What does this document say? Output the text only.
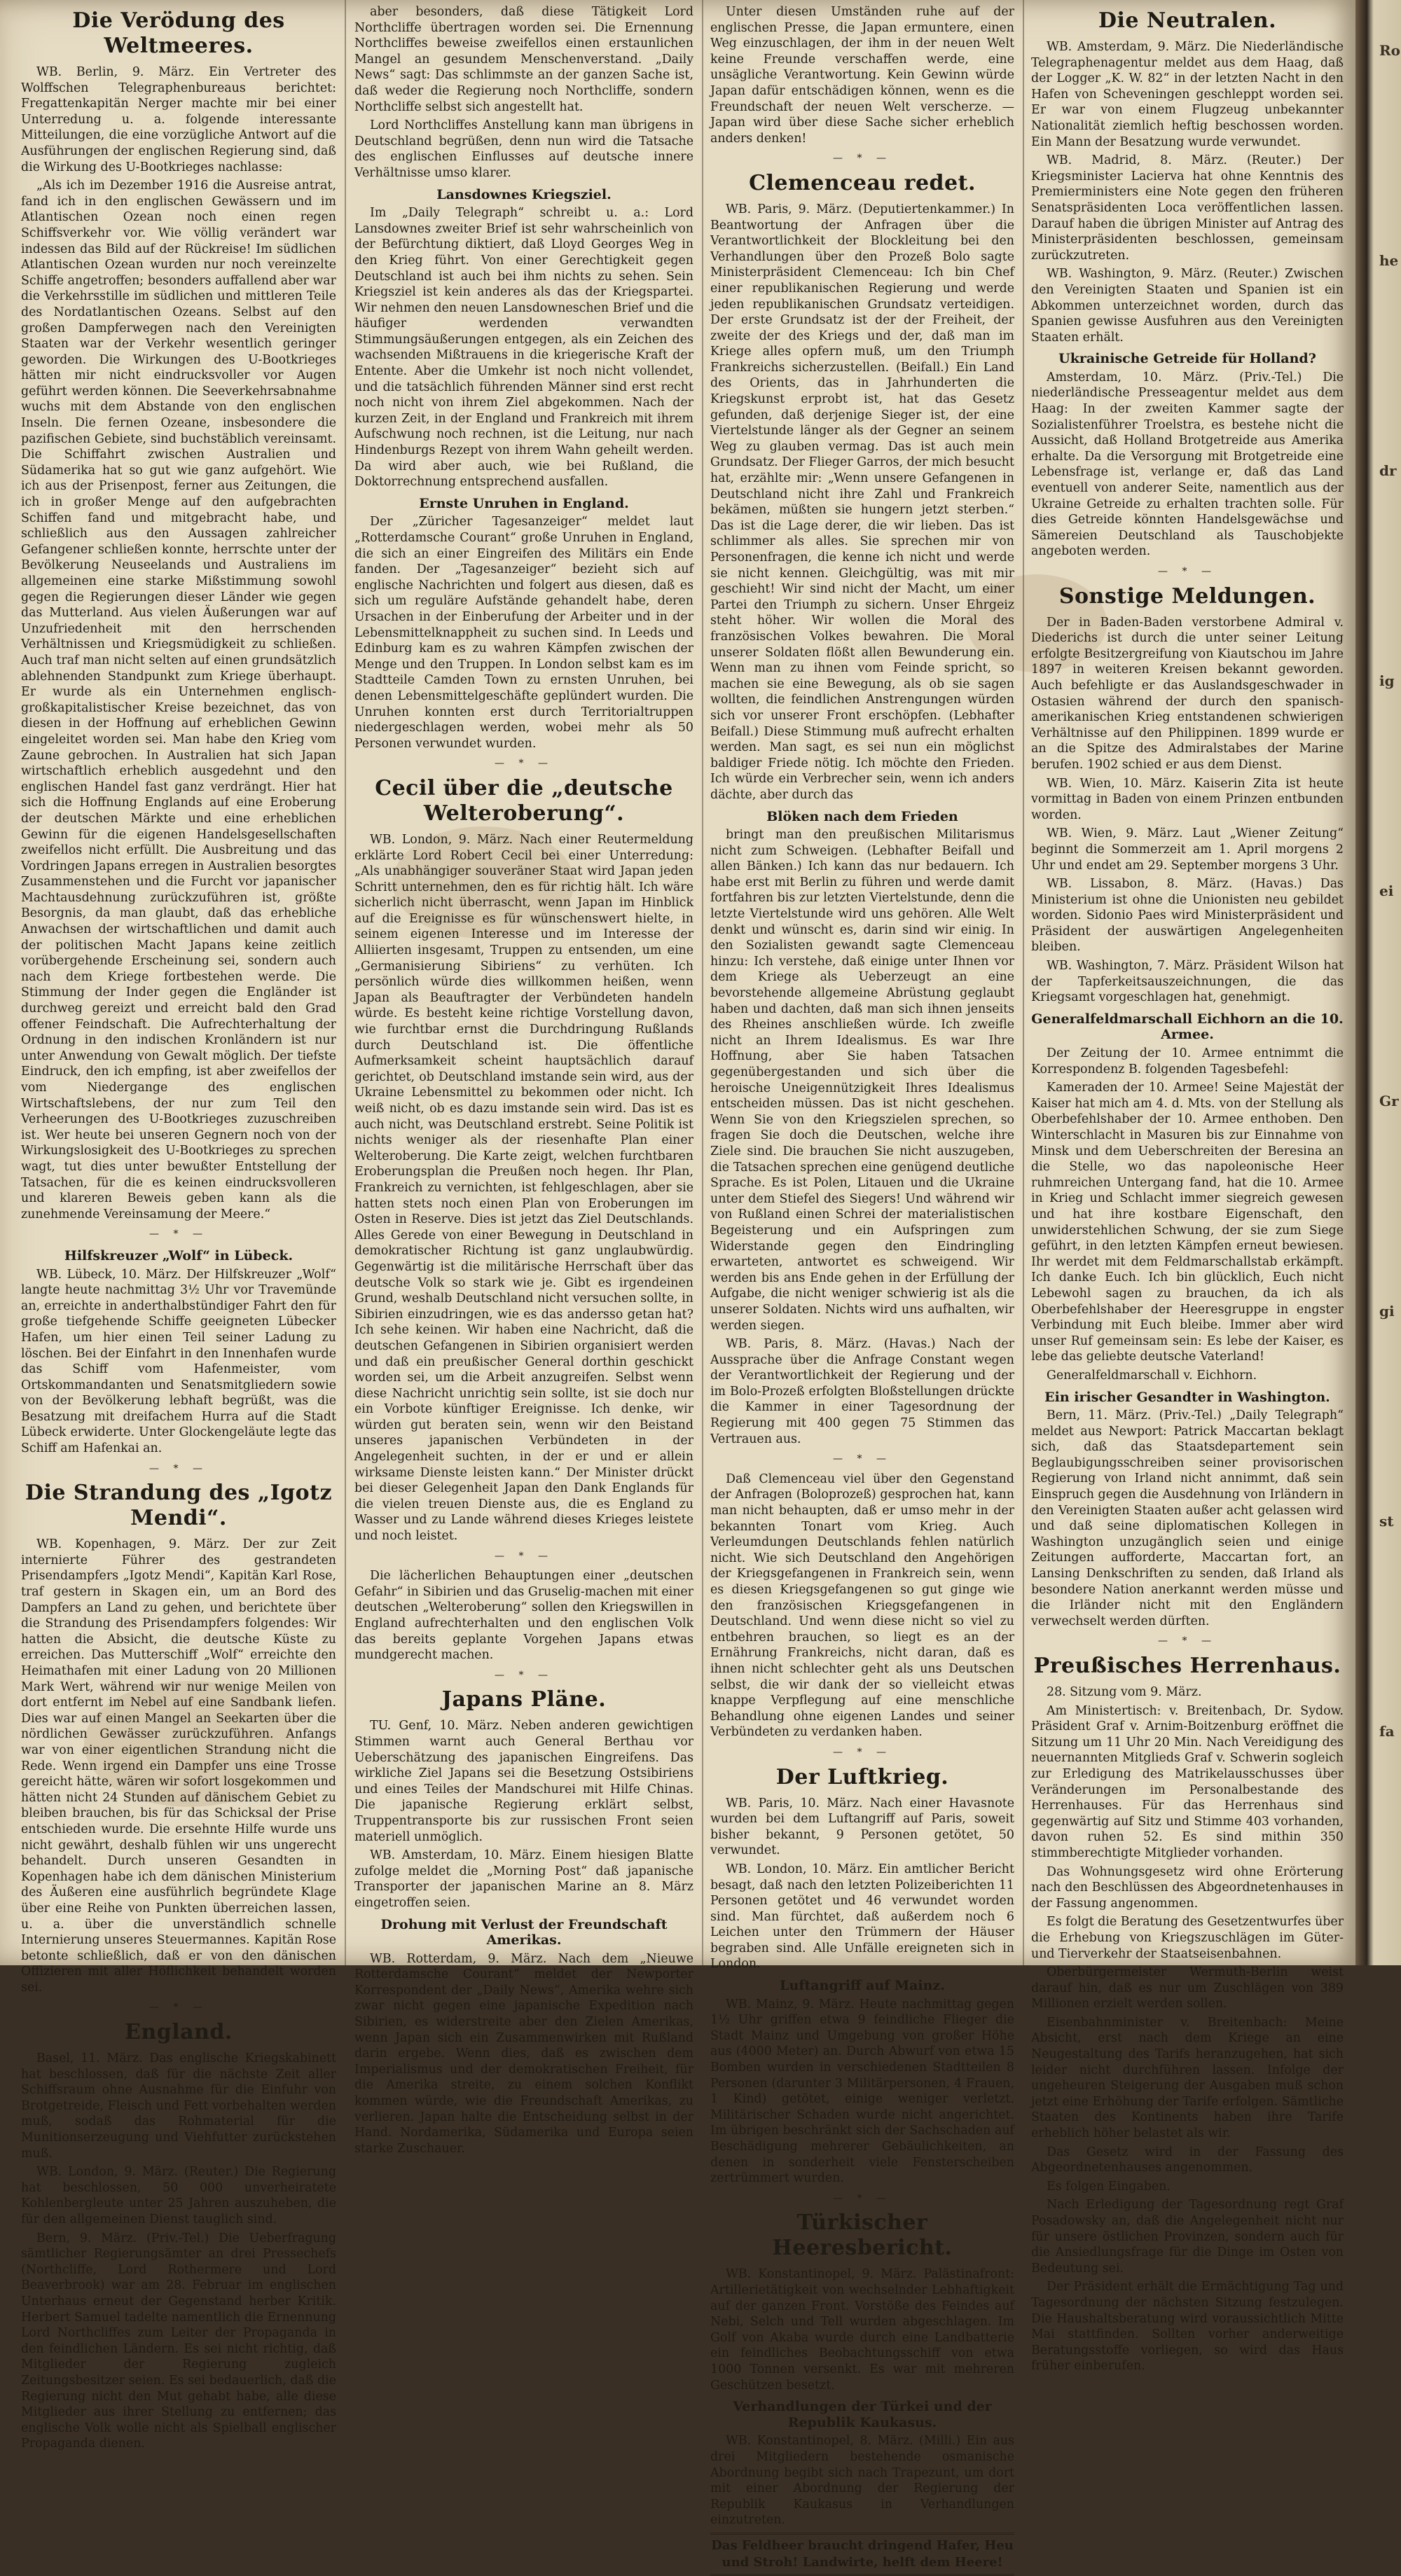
Die Verödung des Weltmeeres.

WB. Berlin, 9. März. Ein Vertreter des Wolffschen Telegraphenbureaus berichtet: Fregattenkapitän Nerger machte mir bei einer Unterredung u. a. folgende interessante Mitteilungen, die eine vorzügliche Antwort auf die Ausführungen der englischen Regierung sind, daß die Wirkung des U-Bootkrieges nachlasse:

„Als ich im Dezember 1916 die Ausreise antrat, fand ich in den englischen Gewässern und im Atlantischen Ozean noch einen regen Schiffsverkehr vor. Wie völlig verändert war indessen das Bild auf der Rückreise! Im südlichen Atlantischen Ozean wurden nur noch vereinzelte Schiffe angetroffen; besonders auffallend aber war die Verkehrsstille im südlichen und mittleren Teile des Nordatlantischen Ozeans. Selbst auf den großen Dampferwegen nach den Vereinigten Staaten war der Verkehr wesentlich geringer geworden. Die Wirkungen des U-Bootkrieges hätten mir nicht eindrucksvoller vor Augen geführt werden können. Die Seeverkehrsabnahme wuchs mit dem Abstande von den englischen Inseln. Die fernen Ozeane, insbesondere die pazifischen Gebiete, sind buchstäblich vereinsamt. Die Schiffahrt zwischen Australien und Südamerika hat so gut wie ganz aufgehört. Wie ich aus der Prisenpost, ferner aus Zeitungen, die ich in großer Menge auf den aufgebrachten Schiffen fand und mitgebracht habe, und schließlich aus den Aussagen zahlreicher Gefangener schließen konnte, herrschte unter der Bevölkerung Neuseelands und Australiens im allgemeinen eine starke Mißstimmung sowohl gegen die Regierungen dieser Länder wie gegen das Mutterland. Aus vielen Äußerungen war auf Unzufriedenheit mit den herrschenden Verhältnissen und Kriegsmüdigkeit zu schließen. Auch traf man nicht selten auf einen grundsätzlich ablehnenden Standpunkt zum Kriege überhaupt. Er wurde als ein Unternehmen englisch-großkapitalistischer Kreise bezeichnet, das von diesen in der Hoffnung auf erheblichen Gewinn eingeleitet worden sei. Man habe den Krieg vom Zaune gebrochen. In Australien hat sich Japan wirtschaftlich erheblich ausgedehnt und den englischen Handel fast ganz verdrängt. Hier hat sich die Hoffnung Englands auf eine Eroberung der deutschen Märkte und eine erheblichen Gewinn für die eigenen Handelsgesellschaften zweifellos nicht erfüllt. Die Ausbreitung und das Vordringen Japans erregen in Australien besorgtes Zusammenstehen und die Furcht vor japanischer Machtausdehnung zurückzuführen ist, größte Besorgnis, da man glaubt, daß das erhebliche Anwachsen der wirtschaftlichen und damit auch der politischen Macht Japans keine zeitlich vorübergehende Erscheinung sei, sondern auch nach dem Kriege fortbestehen werde. Die Stimmung der Inder gegen die Engländer ist durchweg gereizt und erreicht bald den Grad offener Feindschaft. Die Aufrechterhaltung der Ordnung in den indischen Kronländern ist nur unter Anwendung von Gewalt möglich. Der tiefste Eindruck, den ich empfing, ist aber zweifellos der vom Niedergange des englischen Wirtschaftslebens, der nur zum Teil den Verheerungen des U-Bootkrieges zuzuschreiben ist. Wer heute bei unseren Gegnern noch von der Wirkungslosigkeit des U-Bootkrieges zu sprechen wagt, tut dies unter bewußter Entstellung der Tatsachen, für die es keinen eindrucksvolleren und klareren Beweis geben kann als die zunehmende Vereinsamung der Meere.“

— * —
Hilfskreuzer „Wolf“ in Lübeck.

WB. Lübeck, 10. März. Der Hilfskreuzer „Wolf“ langte heute nachmittag 3½ Uhr vor Travemünde an, erreichte in anderthalbstündiger Fahrt den für große tiefgehende Schiffe geeigneten Lübecker Hafen, um hier einen Teil seiner Ladung zu löschen. Bei der Einfahrt in den Innenhafen wurde das Schiff vom Hafenmeister, vom Ortskommandanten und Senatsmitgliedern sowie von der Bevölkerung lebhaft begrüßt, was die Besatzung mit dreifachem Hurra auf die Stadt Lübeck erwiderte. Unter Glockengeläute legte das Schiff am Hafenkai an.

— * —
Die Strandung des „Igotz Mendi“.

WB. Kopenhagen, 9. März. Der zur Zeit internierte Führer des gestrandeten Prisendampfers „Igotz Mendi“, Kapitän Karl Rose, traf gestern in Skagen ein, um an Bord des Dampfers an Land zu gehen, und berichtete über die Strandung des Prisendampfers folgendes: Wir hatten die Absicht, die deutsche Küste zu erreichen. Das Mutterschiff „Wolf“ erreichte den Heimathafen mit einer Ladung von 20 Millionen Mark Wert, während wir nur wenige Meilen von dort entfernt im Nebel auf eine Sandbank liefen. Dies war auf einen Mangel an Seekarten über die nördlichen Gewässer zurückzuführen. Anfangs war von einer eigentlichen Strandung nicht die Rede. Wenn irgend ein Dampfer uns eine Trosse gereicht hätte, wären wir sofort losgekommen und hätten nicht 24 Stunden auf dänischem Gebiet zu bleiben brauchen, bis für das Schicksal der Prise entschieden wurde. Die ersehnte Hilfe wurde uns nicht gewährt, deshalb fühlen wir uns ungerecht behandelt. Durch unseren Gesandten in Kopenhagen habe ich dem dänischen Ministerium des Äußeren eine ausführlich begründete Klage über eine Reihe von Punkten überreichen lassen, u. a. über die unverständlich schnelle Internierung unseres Steuermannes. Kapitän Rose betonte schließlich, daß er von den dänischen Offizieren mit aller Höflichkeit behandelt worden sei.

— * —
England.

Basel, 11. März. Das englische Kriegskabinett hat beschlossen, daß für die nächste Zeit aller Schiffsraum ohne Ausnahme für die Einfuhr von Brotgetreide, Fleisch und Fett vorbehalten werden muß, sodaß das Rohmaterial für die Munitionserzeugung und Viehfutter zurückstehen muß.

WB. London, 9. März. (Reuter.) Die Regierung hat beschlossen, 50 000 unverheiratete Kohlenbergleute unter 25 Jahren auszuheben, die für den allgemeinen Dienst tauglich sind.

Bern, 9. März. (Priv.-Tel.) Die Ueberfragung sämtlicher Regierungsämter an drei Pressechefs (Northcliffe, Lord Rothermere und Lord Beaverbrook) war am 28. Februar im englischen Unterhaus erneut der Gegenstand herber Kritik. Herbert Samuel tadelte namentlich die Ernennung Lord Northcliffes zum Leiter der Propaganda in den feindlichen Ländern. Es sei nicht richtig, daß Mitglieder der Regierung zugleich Zeitungsbesitzer seien. Es sei bedauerlich, daß die Regierung nicht den Mut gehabt habe, alle diese Mitglieder aus ihrer Stellung zu entfernen; das englische Volk wolle nicht als Spielball englischer Propaganda dienen.

aber besonders, daß diese Tätigkeit Lord Northcliffe übertragen worden sei. Die Ernennung Northcliffes beweise zweifellos einen erstaunlichen Mangel an gesundem Menschenverstand. „Daily News“ sagt: Das schlimmste an der ganzen Sache ist, daß weder die Regierung noch Northcliffe, sondern Northcliffe selbst sich angestellt hat.

Lord Northcliffes Anstellung kann man übrigens in Deutschland begrüßen, denn nun wird die Tatsache des englischen Einflusses auf deutsche innere Verhältnisse umso klarer.

Lansdownes Kriegsziel.

Im „Daily Telegraph“ schreibt u. a.: Lord Lansdownes zweiter Brief ist sehr wahrscheinlich von der Befürchtung diktiert, daß Lloyd Georges Weg in den Krieg führt. Von einer Gerechtigkeit gegen Deutschland ist auch bei ihm nichts zu sehen. Sein Kriegsziel ist kein anderes als das der Kriegspartei. Wir nehmen den neuen Lansdowneschen Brief und die häufiger werdenden verwandten Stimmungsäußerungen entgegen, als ein Zeichen des wachsenden Mißtrauens in die kriegerische Kraft der Entente. Aber die Umkehr ist noch nicht vollendet, und die tatsächlich führenden Männer sind erst recht noch nicht von ihrem Ziel abgekommen. Nach der kurzen Zeit, in der England und Frankreich mit ihrem Aufschwung noch rechnen, ist die Leitung, nur nach Hindenburgs Rezept von ihrem Wahn geheilt werden. Da wird aber auch, wie bei Rußland, die Doktorrechnung entsprechend ausfallen.

Ernste Unruhen in England.

Der „Züricher Tagesanzeiger“ meldet laut „Rotterdamsche Courant“ große Unruhen in England, die sich an einer Eingreifen des Militärs ein Ende fanden. Der „Tagesanzeiger“ bezieht sich auf englische Nachrichten und folgert aus diesen, daß es sich um reguläre Aufstände gehandelt habe, deren Ursachen in der Einberufung der Arbeiter und in der Lebensmittelknappheit zu suchen sind. In Leeds und Edinburg kam es zu wahren Kämpfen zwischen der Menge und den Truppen. In London selbst kam es im Stadtteile Camden Town zu ernsten Unruhen, bei denen Lebensmittelgeschäfte geplündert wurden. Die Unruhen konnten erst durch Territorialtruppen niedergeschlagen werden, wobei mehr als 50 Personen verwundet wurden.

— * —
Cecil über die „deutsche Welteroberung“.

WB. London, 9. März. Nach einer Reutermeldung erklärte Lord Robert Cecil bei einer Unterredung: „Als unabhängiger souveräner Staat wird Japan jeden Schritt unternehmen, den es für richtig hält. Ich wäre sicherlich nicht überrascht, wenn Japan im Hinblick auf die Ereignisse es für wünschenswert hielte, in seinem eigenen Interesse und im Interesse der Alliierten insgesamt, Truppen zu entsenden, um eine „Germanisierung Sibiriens“ zu verhüten. Ich persönlich würde dies willkommen heißen, wenn Japan als Beauftragter der Verbündeten handeln würde. Es besteht keine richtige Vorstellung davon, wie furchtbar ernst die Durchdringung Rußlands durch Deutschland ist. Die öffentliche Aufmerksamkeit scheint hauptsächlich darauf gerichtet, ob Deutschland imstande sein wird, aus der Ukraine Lebensmittel zu bekommen oder nicht. Ich weiß nicht, ob es dazu imstande sein wird. Das ist es auch nicht, was Deutschland erstrebt. Seine Politik ist nichts weniger als der riesenhafte Plan einer Welteroberung. Die Karte zeigt, welchen furchtbaren Eroberungsplan die Preußen noch hegen. Ihr Plan, Frankreich zu vernichten, ist fehlgeschlagen, aber sie hatten stets noch einen Plan von Eroberungen im Osten in Reserve. Dies ist jetzt das Ziel Deutschlands. Alles Gerede von einer Bewegung in Deutschland in demokratischer Richtung ist ganz unglaubwürdig. Gegenwärtig ist die militärische Herrschaft über das deutsche Volk so stark wie je. Gibt es irgendeinen Grund, weshalb Deutschland nicht versuchen sollte, in Sibirien einzudringen, wie es das andersso getan hat? Ich sehe keinen. Wir haben eine Nachricht, daß die deutschen Gefangenen in Sibirien organisiert werden und daß ein preußischer General dorthin geschickt worden sei, um die Arbeit anzugreifen. Selbst wenn diese Nachricht unrichtig sein sollte, ist sie doch nur ein Vorbote künftiger Ereignisse. Ich denke, wir würden gut beraten sein, wenn wir den Beistand unseres japanischen Verbündeten in der Angelegenheit suchten, in der er und er allein wirksame Dienste leisten kann.“ Der Minister drückt bei dieser Gelegenheit Japan den Dank Englands für die vielen treuen Dienste aus, die es England zu Wasser und zu Lande während dieses Krieges leistete und noch leistet.

— * —

Die lächerlichen Behauptungen einer „deutschen Gefahr“ in Sibirien und das Gruselig-machen mit einer deutschen „Welteroberung“ sollen den Kriegswillen in England aufrechterhalten und den englischen Volk das bereits geplante Vorgehen Japans etwas mundgerecht machen.

— * —
Japans Pläne.

TU. Genf, 10. März. Neben anderen gewichtigen Stimmen warnt auch General Berthau vor Ueberschätzung des japanischen Eingreifens. Das wirkliche Ziel Japans sei die Besetzung Ostsibiriens und eines Teiles der Mandschurei mit Hilfe Chinas. Die japanische Regierung erklärt selbst, Truppentransporte bis zur russischen Front seien materiell unmöglich.

WB. Amsterdam, 10. März. Einem hiesigen Blatte zufolge meldet die „Morning Post“ daß japanische Transporter der japanischen Marine an 8. März eingetroffen seien.

Drohung mit Verlust der Freundschaft Amerikas.

WB. Rotterdam, 9. März. Nach dem „Nieuwe Rotterdamsche Courant“ meldet der Newporter Korrespondent der „Daily News“, Amerika wehre sich zwar nicht gegen eine japanische Expedition nach Sibirien, es widerstreite aber den Zielen Amerikas, wenn Japan sich ein Zusammenwirken mit Rußland darin ergebe. Wenn dies, daß es zwischen dem Imperialismus und der demokratischen Freiheit, für die Amerika streite, zu einem solchen Konflikt kommen würde, wie die Freundschaft Amerikas, zu verlieren. Japan halte die Entscheidung selbst in der Hand. Nordamerika, Südamerika und Europa seien starke Zuschauer.

Unter diesen Umständen ruhe auf der englischen Presse, die Japan ermuntere, einen Weg einzuschlagen, der ihm in der neuen Welt keine Freunde verschaffen werde, eine unsägliche Verantwortung. Kein Gewinn würde Japan dafür entschädigen können, wenn es die Freundschaft der neuen Welt verscherze. — Japan wird über diese Sache sicher erheblich anders denken!

— * —
Clemenceau redet.

WB. Paris, 9. März. (Deputiertenkammer.) In Beantwortung der Anfragen über die Verantwortlichkeit der Blockleitung bei den Verhandlungen über den Prozeß Bolo sagte Ministerpräsident Clemenceau: Ich bin Chef einer republikanischen Regierung und werde jeden republikanischen Grundsatz verteidigen. Der erste Grundsatz ist der der Freiheit, der zweite der des Kriegs und der, daß man im Kriege alles opfern muß, um den Triumph Frankreichs sicherzustellen. (Beifall.) Ein Land des Orients, das in Jahrhunderten die Kriegskunst erprobt ist, hat das Gesetz gefunden, daß derjenige Sieger ist, der eine Viertelstunde länger als der Gegner an seinem Weg zu glauben vermag. Das ist auch mein Grundsatz. Der Flieger Garros, der mich besucht hat, erzählte mir: „Wenn unsere Gefangenen in Deutschland nicht ihre Zahl und Frankreich bekämen, müßten sie hungern jetzt sterben.“ Das ist die Lage derer, die wir lieben. Das ist schlimmer als alles. Sie sprechen mir von Personenfragen, die kenne ich nicht und werde sie nicht kennen. Gleichgültig, was mit mir geschieht! Wir sind nicht der Macht, um einer Partei den Triumph zu sichern. Unser Ehrgeiz steht höher. Wir wollen die Moral des französischen Volkes bewahren. Die Moral unserer Soldaten flößt allen Bewunderung ein. Wenn man zu ihnen vom Feinde spricht, so machen sie eine Bewegung, als ob sie sagen wollten, die feindlichen Anstrengungen würden sich vor unserer Front erschöpfen. (Lebhafter Beifall.) Diese Stimmung muß aufrecht erhalten werden. Man sagt, es sei nun ein möglichst baldiger Friede nötig. Ich möchte den Frieden. Ich würde ein Verbrecher sein, wenn ich anders dächte, aber durch das

Blöken nach dem Frieden

bringt man den preußischen Militarismus nicht zum Schweigen. (Lebhafter Beifall und allen Bänken.) Ich kann das nur bedauern. Ich habe erst mit Berlin zu führen und werde damit fortfahren bis zur letzten Viertelstunde, denn die letzte Viertelstunde wird uns gehören. Alle Welt denkt und wünscht es, darin sind wir einig. In den Sozialisten gewandt sagte Clemenceau hinzu: Ich verstehe, daß einige unter Ihnen vor dem Kriege als Ueberzeugt an eine bevorstehende allgemeine Abrüstung geglaubt haben und dachten, daß man sich ihnen jenseits des Rheines anschließen würde. Ich zweifle nicht an Ihrem Idealismus. Es war Ihre Hoffnung, aber Sie haben Tatsachen gegenübergestanden und sich über die heroische Uneigennützigkeit Ihres Idealismus entscheiden müssen. Das ist nicht geschehen. Wenn Sie von den Kriegszielen sprechen, so fragen Sie doch die Deutschen, welche ihre Ziele sind. Die brauchen Sie nicht auszugeben, die Tatsachen sprechen eine genügend deutliche Sprache. Es ist Polen, Litauen und die Ukraine unter dem Stiefel des Siegers! Und während wir von Rußland einen Schrei der materialistischen Begeisterung und ein Aufspringen zum Widerstande gegen den Eindringling erwarteten, antwortet es schweigend. Wir werden bis ans Ende gehen in der Erfüllung der Aufgabe, die nicht weniger schwierig ist als die unserer Soldaten. Nichts wird uns aufhalten, wir werden siegen.

WB. Paris, 8. März. (Havas.) Nach der Aussprache über die Anfrage Constant wegen der Verantwortlichkeit der Regierung und der im Bolo-Prozeß erfolgten Bloßstellungen drückte die Kammer in einer Tagesordnung der Regierung mit 400 gegen 75 Stimmen das Vertrauen aus.

— * —

Daß Clemenceau viel über den Gegenstand der Anfragen (Boloprozeß) gesprochen hat, kann man nicht behaupten, daß er umso mehr in der bekannten Tonart vom Krieg. Auch Verleumdungen Deutschlands fehlen natürlich nicht. Wie sich Deutschland den Angehörigen der Kriegsgefangenen in Frankreich sein, wenn es diesen Kriegsgefangenen so gut ginge wie den französischen Kriegsgefangenen in Deutschland. Und wenn diese nicht so viel zu entbehren brauchen, so liegt es an der Ernährung Frankreichs, nicht daran, daß es ihnen nicht schlechter geht als uns Deutschen selbst, die wir dank der so vielleicht etwas knappe Verpflegung auf eine menschliche Behandlung ohne eigenen Landes und seiner Verbündeten zu verdanken haben.

— * —
Der Luftkrieg.

WB. Paris, 10. März. Nach einer Havasnote wurden bei dem Luftangriff auf Paris, soweit bisher bekannt, 9 Personen getötet, 50 verwundet.

WB. London, 10. März. Ein amtlicher Bericht besagt, daß nach den letzten Polizeiberichten 11 Personen getötet und 46 verwundet worden sind. Man fürchtet, daß außerdem noch 6 Leichen unter den Trümmern der Häuser begraben sind. Alle Unfälle ereigneten sich in London.

Luftangriff auf Mainz.

WB. Mainz, 9. März. Heute nachmittag gegen 1½ Uhr griffen etwa 9 feindliche Flieger die Stadt Mainz und Umgebung von großer Höhe aus (4000 Meter) an. Durch Abwurf von etwa 15 Bomben wurden in verschiedenen Stadtteilen 8 Personen (darunter 3 Militärpersonen, 4 Frauen, 1 Kind) getötet, einige weniger verletzt. Militärischer Schaden wurde nicht angerichtet. Im übrigen beschränkt sich der Sachschaden auf Beschädigung mehrerer Gebäulichkeiten, an denen in sonderheit viele Fensterscheiben zertrümmert wurden.

— * —
Türkischer Heeresbericht.

WB. Konstantinopel, 9. März. Palästinafront: Artillerietätigkeit von wechselnder Lebhaftigkeit auf der ganzen Front. Vorstöße des Feindes auf Nebi, Selch und Tell wurden abgeschlagen. Im Golf von Akaba wurde durch eine Landbatterie ein feindliches Beobachtungsschiff von etwa 1000 Tonnen versenkt. Es war mit mehreren Geschützen besetzt.

Verhandlungen der Türkei und der Republik Kaukasus.

WB. Konstantinopel, 8. März. (Milli.) Ein aus drei Mitgliedern bestehende osmanische Abordnung begibt sich nach Trapezunt, um dort mit einer Abordnung der Regierung der Republik Kaukasus in Verhandlungen einzutreten.

Das Feldheer braucht dringend Hafer, Heu und Stroh! Landwirte, helft dem Heere!
Die Neutralen.

WB. Amsterdam, 9. März. Die Niederländische Telegraphenagentur meldet aus dem Haag, daß der Logger „K. W. 82“ in der letzten Nacht in den Hafen von Scheveningen geschleppt worden sei. Er war von einem Flugzeug unbekannter Nationalität ziemlich heftig beschossen worden. Ein Mann der Besatzung wurde verwundet.

WB. Madrid, 8. März. (Reuter.) Der Kriegsminister Lacierva hat ohne Kenntnis des Premierministers eine Note gegen den früheren Senatspräsidenten Loca veröffentlichen lassen. Darauf haben die übrigen Minister auf Antrag des Ministerpräsidenten beschlossen, gemeinsam zurückzutreten.

WB. Washington, 9. März. (Reuter.) Zwischen den Vereinigten Staaten und Spanien ist ein Abkommen unterzeichnet worden, durch das Spanien gewisse Ausfuhren aus den Vereinigten Staaten erhält.

Ukrainische Getreide für Holland?

Amsterdam, 10. März. (Priv.-Tel.) Die niederländische Presseagentur meldet aus dem Haag: In der zweiten Kammer sagte der Sozialistenführer Troelstra, es bestehe nicht die Aussicht, daß Holland Brotgetreide aus Amerika erhalte. Da die Versorgung mit Brotgetreide eine Lebensfrage ist, verlange er, daß das Land eventuell von anderer Seite, namentlich aus der Ukraine Getreide zu erhalten trachten solle. Für dies Getreide könnten Handelsgewächse und Sämereien Deutschland als Tauschobjekte angeboten werden.

— * —
Sonstige Meldungen.

Der in Baden-Baden verstorbene Admiral v. Diederichs ist durch die unter seiner Leitung erfolgte Besitzergreifung von Kiautschou im Jahre 1897 in weiteren Kreisen bekannt geworden. Auch befehligte er das Auslandsgeschwader in Ostasien während der durch den spanisch-amerikanischen Krieg entstandenen schwierigen Verhältnisse auf den Philippinen. 1899 wurde er an die Spitze des Admiralstabes der Marine berufen. 1902 schied er aus dem Dienst.

WB. Wien, 10. März. Kaiserin Zita ist heute vormittag in Baden von einem Prinzen entbunden worden.

WB. Wien, 9. März. Laut „Wiener Zeitung“ beginnt die Sommerzeit am 1. April morgens 2 Uhr und endet am 29. September morgens 3 Uhr.

WB. Lissabon, 8. März. (Havas.) Das Ministerium ist ohne die Unionisten neu gebildet worden. Sidonio Paes wird Ministerpräsident und Präsident der auswärtigen Angelegenheiten bleiben.

WB. Washington, 7. März. Präsident Wilson hat der Tapferkeitsauszeichnungen, die das Kriegsamt vorgeschlagen hat, genehmigt.

Generalfeldmarschall Eichhorn an die 10. Armee.

Der Zeitung der 10. Armee entnimmt die Korrespondenz B. folgenden Tagesbefehl:

Kameraden der 10. Armee! Seine Majestät der Kaiser hat mich am 4. d. Mts. von der Stellung als Oberbefehlshaber der 10. Armee enthoben. Den Winterschlacht in Masuren bis zur Einnahme von Minsk und dem Ueberschreiten der Beresina an die Stelle, wo das napoleonische Heer ruhmreichen Untergang fand, hat die 10. Armee in Krieg und Schlacht immer siegreich gewesen und hat ihre kostbare Eigenschaft, den unwiderstehlichen Schwung, der sie zum Siege geführt, in den letzten Kämpfen erneut bewiesen. Ihr werdet mit dem Feldmarschallstab erkämpft. Ich danke Euch. Ich bin glücklich, Euch nicht Lebewohl sagen zu brauchen, da ich als Oberbefehlshaber der Heeresgruppe in engster Verbindung mit Euch bleibe. Immer aber wird unser Ruf gemeinsam sein: Es lebe der Kaiser, es lebe das geliebte deutsche Vaterland!

Generalfeldmarschall v. Eichhorn.

Ein irischer Gesandter in Washington.

Bern, 11. März. (Priv.-Tel.) „Daily Telegraph“ meldet aus Newport: Patrick Maccartan beklagt sich, daß das Staatsdepartement sein Beglaubigungsschreiben seiner provisorischen Regierung von Irland nicht annimmt, daß sein Einspruch gegen die Ausdehnung von Irländern in den Vereinigten Staaten außer acht gelassen wird und daß seine diplomatischen Kollegen in Washington unzugänglich seien und einige Zeitungen aufforderte, Maccartan fort, an Lansing Denkschriften zu senden, daß Irland als besondere Nation anerkannt werden müsse und die Irländer nicht mit den Engländern verwechselt werden dürften.

— * —
Preußisches Herrenhaus.

28. Sitzung vom 9. März.

Am Ministertisch: v. Breitenbach, Dr. Sydow. Präsident Graf v. Arnim-Boitzenburg eröffnet die Sitzung um 11 Uhr 20 Min. Nach Vereidigung des neuernannten Mitglieds Graf v. Schwerin sogleich zur Erledigung des Matrikelausschusses über Veränderungen im Personalbestande des Herrenhauses. Für das Herrenhaus sind gegenwärtig auf Sitz und Stimme 403 vorhanden, davon ruhen 52. Es sind mithin 350 stimmberechtigte Mitglieder vorhanden.

Das Wohnungsgesetz wird ohne Erörterung nach den Beschlüssen des Abgeordnetenhauses in der Fassung angenommen.

Es folgt die Beratung des Gesetzentwurfes über die Erhebung von Kriegszuschlägen im Güter- und Tierverkehr der Staatseisenbahnen.

Oberbürgermeister Wermuth-Berlin weist darauf hin, daß es nur um Zuschlägen von 389 Millionen erzielt werden sollen.

Eisenbahnminister v. Breitenbach: Meine Absicht, erst nach dem Kriege an eine Neugestaltung des Tarifs heranzugehen, hat sich leider nicht durchführen lassen. Infolge der ungeheuren Steigerung der Ausgaben muß schon jetzt eine Erhöhung der Tarife erfolgen. Sämtliche Staaten des Kontinents haben ihre Tarife erheblich höher belastet als wir.

Das Gesetz wird in der Fassung des Abgeordnetenhauses angenommen.

Es folgen Eingaben.

Nach Erledigung der Tagesordnung regt Graf Posadowsky an, daß die Angelegenheit nicht nur für unsere östlichen Provinzen, sondern auch für die Ansiedlungsfrage für die Dinge im Osten von Bedeutung sei.

Der Präsident erhält die Ermächtigung Tag und Tagesordnung der nächsten Sitzung festzulegen. Die Haushaltsberatung wird voraussichtlich Mitte Mai stattfinden. Sollten vorher anderweitige Beratungsstoffe vorliegen, so wird das Haus früher einberufen.

Ro
he
dr
ig
ei
Gr
gi
st
fa
